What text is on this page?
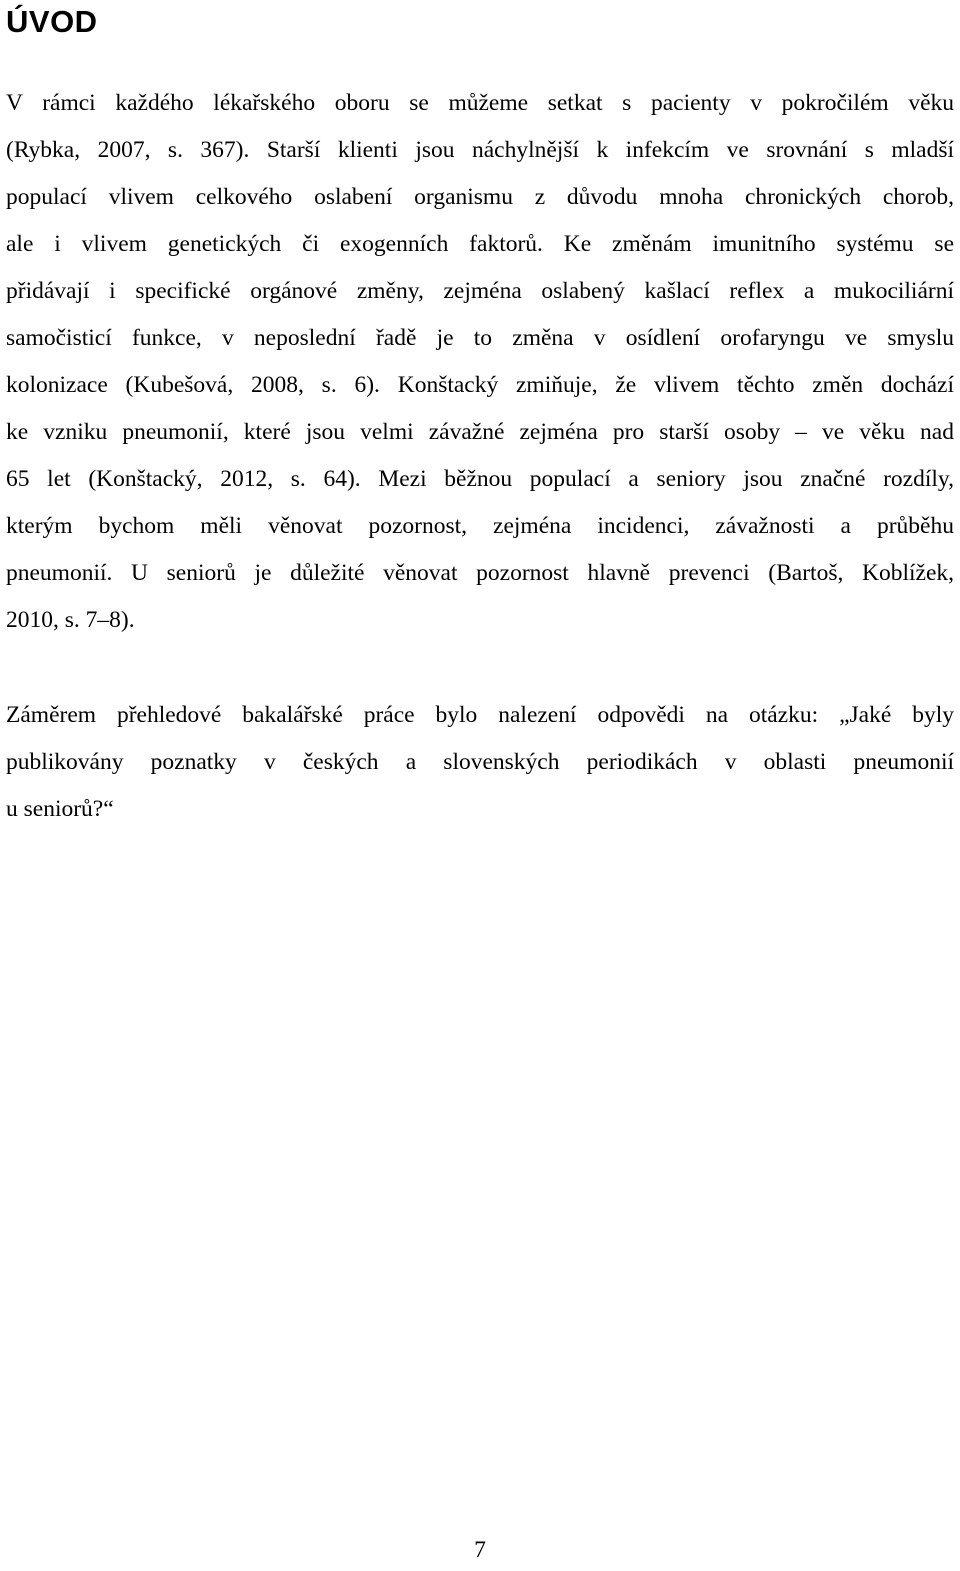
ÚVOD
V rámci každého lékařského oboru se můžeme setkat s pacienty v pokročilém věku
(Rybka, 2007, s. 367). Starší klienti jsou náchylnější k infekcím ve srovnání s mladší
populací vlivem celkového oslabení organismu z důvodu mnoha chronických chorob,
ale i vlivem genetických či exogenních faktorů. Ke změnám imunitního systému se
přidávají i specifické orgánové změny, zejména oslabený kašlací reflex a mukociliární
samočisticí funkce, v neposlední řadě je to změna v osídlení orofaryngu ve smyslu
kolonizace (Kubešová, 2008, s. 6). Konštacký zmiňuje, že vlivem těchto změn dochází
ke vzniku pneumonií, které jsou velmi závažné zejména pro starší osoby – ve věku nad
65 let (Konštacký, 2012, s. 64). Mezi běžnou populací a seniory jsou značné rozdíly,
kterým bychom měli věnovat pozornost, zejména incidenci, závažnosti a průběhu
pneumonií. U seniorů je důležité věnovat pozornost hlavně prevenci (Bartoš, Koblížek,
2010, s. 7–8).
Záměrem přehledové bakalářské práce bylo nalezení odpovědi na otázku: „Jaké byly
publikovány poznatky v českých a slovenských periodikách v oblasti pneumonií
u seniorů?“
7
